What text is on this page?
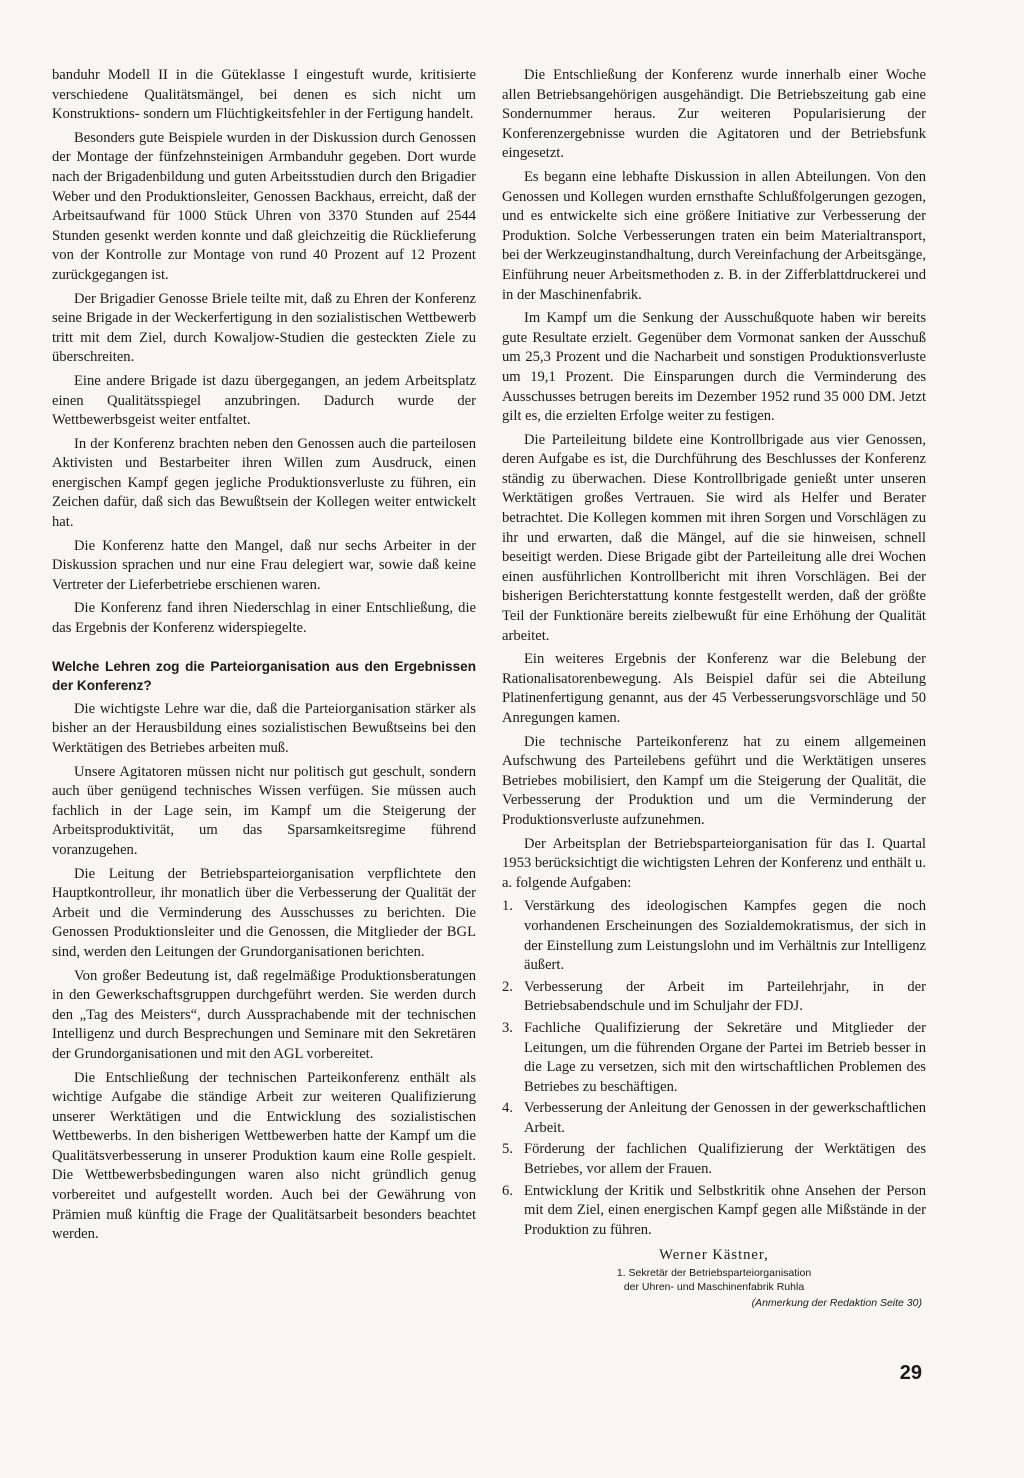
banduhr Modell II in die Güteklasse I eingestuft wurde, kritisierte verschiedene Qualitätsmängel, bei denen es sich nicht um Konstruktions- sondern um Flüchtigkeitsfehler in der Fertigung handelt.

Besonders gute Beispiele wurden in der Diskussion durch Genossen der Montage der fünfzehnsteinigen Armbanduhr gegeben. Dort wurde nach der Brigadenbildung und guten Arbeitsstudien durch den Brigadier Weber und den Produktionsleiter, Genossen Backhaus, erreicht, daß der Arbeitsaufwand für 1000 Stück Uhren von 3370 Stunden auf 2544 Stunden gesenkt werden konnte und daß gleichzeitig die Rücklieferung von der Kontrolle zur Montage von rund 40 Prozent auf 12 Prozent zurückgegangen ist.

Der Brigadier Genosse Briele teilte mit, daß zu Ehren der Konferenz seine Brigade in der Weckerfertigung in den sozialistischen Wettbewerb tritt mit dem Ziel, durch Kowaljow-Studien die gesteckten Ziele zu überschreiten.

Eine andere Brigade ist dazu übergegangen, an jedem Arbeitsplatz einen Qualitätsspiegel anzubringen. Dadurch wurde der Wettbewerbsgeist weiter entfaltet.

In der Konferenz brachten neben den Genossen auch die parteilosen Aktivisten und Bestarbeiter ihren Willen zum Ausdruck, einen energischen Kampf gegen jegliche Produktionsverluste zu führen, ein Zeichen dafür, daß sich das Bewußtsein der Kollegen weiter entwickelt hat.

Die Konferenz hatte den Mangel, daß nur sechs Arbeiter in der Diskussion sprachen und nur eine Frau delegiert war, sowie daß keine Vertreter der Lieferbetriebe erschienen waren.

Die Konferenz fand ihren Niederschlag in einer Entschließung, die das Ergebnis der Konferenz widerspiegelte.

Welche Lehren zog die Parteiorganisation aus den Ergebnissen der Konferenz?

Die wichtigste Lehre war die, daß die Parteiorganisation stärker als bisher an der Herausbildung eines sozialistischen Bewußtseins bei den Werktätigen des Betriebes arbeiten muß.

Unsere Agitatoren müssen nicht nur politisch gut geschult, sondern auch über genügend technisches Wissen verfügen. Sie müssen auch fachlich in der Lage sein, im Kampf um die Steigerung der Arbeitsproduktivität, um das Sparsamkeitsregime führend voranzugehen.

Die Leitung der Betriebsparteiorganisation verpflichtete den Hauptkontrolleur, ihr monatlich über die Verbesserung der Qualität der Arbeit und die Verminderung des Ausschusses zu berichten. Die Genossen Produktionsleiter und die Genossen, die Mitglieder der BGL sind, werden den Leitungen der Grundorganisationen berichten.

Von großer Bedeutung ist, daß regelmäßige Produktionsberatungen in den Gewerkschaftsgruppen durchgeführt werden. Sie werden durch den „Tag des Meisters“, durch Aussprachabende mit der technischen Intelligenz und durch Besprechungen und Seminare mit den Sekretären der Grundorganisationen und mit den AGL vorbereitet.

Die Entschließung der technischen Parteikonferenz enthält als wichtige Aufgabe die ständige Arbeit zur weiteren Qualifizierung unserer Werktätigen und die Entwicklung des sozialistischen Wettbewerbs. In den bisherigen Wettbewerben hatte der Kampf um die Qualitätsverbesserung in unserer Produktion kaum eine Rolle gespielt. Die Wettbewerbsbedingungen waren also nicht gründlich genug vorbereitet und aufgestellt worden. Auch bei der Gewährung von Prämien muß künftig die Frage der Qualitätsarbeit besonders beachtet werden.

Die Entschließung der Konferenz wurde innerhalb einer Woche allen Betriebsangehörigen ausgehändigt. Die Betriebszeitung gab eine Sondernummer heraus. Zur weiteren Popularisierung der Konferenzergebnisse wurden die Agitatoren und der Betriebsfunk eingesetzt.

Es begann eine lebhafte Diskussion in allen Abteilungen. Von den Genossen und Kollegen wurden ernsthafte Schlußfolgerungen gezogen, und es entwickelte sich eine größere Initiative zur Verbesserung der Produktion. Solche Verbesserungen traten ein beim Materialtransport, bei der Werkzeuginstandhaltung, durch Vereinfachung der Arbeitsgänge, Einführung neuer Arbeitsmethoden z. B. in der Zifferblattdruckerei und in der Maschinenfabrik.

Im Kampf um die Senkung der Ausschußquote haben wir bereits gute Resultate erzielt. Gegenüber dem Vormonat sanken der Ausschuß um 25,3 Prozent und die Nacharbeit und sonstigen Produktionsverluste um 19,1 Prozent. Die Einsparungen durch die Verminderung des Ausschusses betrugen bereits im Dezember 1952 rund 35 000 DM. Jetzt gilt es, die erzielten Erfolge weiter zu festigen.

Die Parteileitung bildete eine Kontrollbrigade aus vier Genossen, deren Aufgabe es ist, die Durchführung des Beschlusses der Konferenz ständig zu überwachen. Diese Kontrollbrigade genießt unter unseren Werktätigen großes Vertrauen. Sie wird als Helfer und Berater betrachtet. Die Kollegen kommen mit ihren Sorgen und Vorschlägen zu ihr und erwarten, daß die Mängel, auf die sie hinweisen, schnell beseitigt werden. Diese Brigade gibt der Parteileitung alle drei Wochen einen ausführlichen Kontrollbericht mit ihren Vorschlägen. Bei der bisherigen Berichterstattung konnte festgestellt werden, daß der größte Teil der Funktionäre bereits zielbewußt für eine Erhöhung der Qualität arbeitet.

Ein weiteres Ergebnis der Konferenz war die Belebung der Rationalisatorenbewegung. Als Beispiel dafür sei die Abteilung Platinenfertigung genannt, aus der 45 Verbesserungsvorschläge und 50 Anregungen kamen.

Die technische Parteikonferenz hat zu einem allgemeinen Aufschwung des Parteilebens geführt und die Werktätigen unseres Betriebes mobilisiert, den Kampf um die Steigerung der Qualität, die Verbesserung der Produktion und um die Verminderung der Produktionsverluste aufzunehmen.

Der Arbeitsplan der Betriebsparteiorganisation für das I. Quartal 1953 berücksichtigt die wichtigsten Lehren der Konferenz und enthält u. a. folgende Aufgaben:

1. Verstärkung des ideologischen Kampfes gegen die noch vorhandenen Erscheinungen des Sozialdemokratismus, der sich in der Einstellung zum Leistungslohn und im Verhältnis zur Intelligenz äußert.
2. Verbesserung der Arbeit im Parteilehrjahr, in der Betriebsabendschule und im Schuljahr der FDJ.
3. Fachliche Qualifizierung der Sekretäre und Mitglieder der Leitungen, um die führenden Organe der Partei im Betrieb besser in die Lage zu versetzen, sich mit den wirtschaftlichen Problemen des Betriebes zu beschäftigen.
4. Verbesserung der Anleitung der Genossen in der gewerkschaftlichen Arbeit.
5. Förderung der fachlichen Qualifizierung der Werktätigen des Betriebes, vor allem der Frauen.
6. Entwicklung der Kritik und Selbstkritik ohne Ansehen der Person mit dem Ziel, einen energischen Kampf gegen alle Mißstände in der Produktion zu führen.
Werner Kästner,
1. Sekretär der Betriebsparteiorganisation
der Uhren- und Maschinenfabrik Ruhla
(Anmerkung der Redaktion Seite 30)
29
